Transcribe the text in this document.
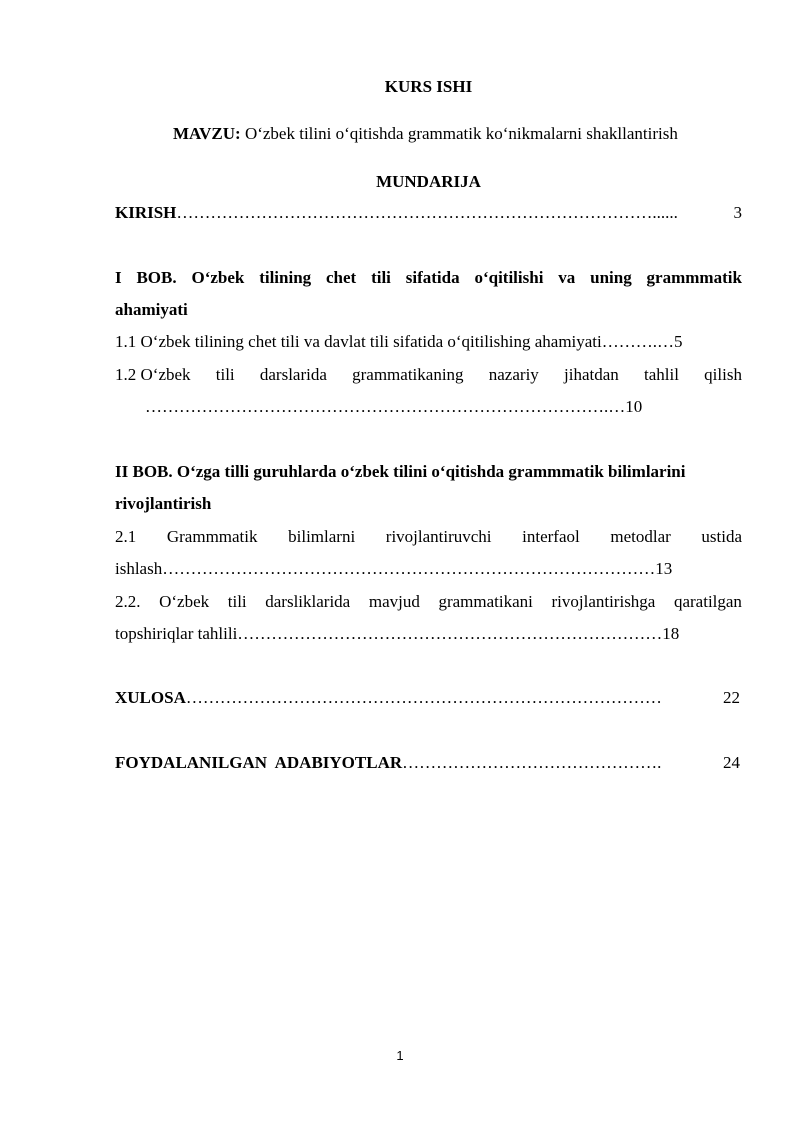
KURS ISHI
MAVZU: O‘zbek tilini o‘qitishda grammatik ko‘nikmalarni shakllantirish
MUNDARIJA
KIRISH …………………………………………………………………………......	3
I BOB. O‘zbek tilining chet tili sifatida o‘qitilishi va uning grammmatik
ahamiyati
1.1 O‘zbek tilining chet tili va davlat tili sifatida o‘qitilishing ahamiyati ……….… 5
1.2 O‘zbek tili darslarida grammatikaning nazariy jihatdan tahlil qilish
……………………………………………………………………….… 10
II BOB. O‘zga tilli guruhlarda o‘zbek tilini o‘qitishda grammmatik bilimlarini
rivojlantirish
2.1 Grammmatik bilimlarni rivojlantiruvchi interfaol metodlar ustida
ishlash …………………………………………………………………………… 13
2.2. O‘zbek tili darsliklarida mavjud grammatikani rivojlantirishga qaratilgan
topshiriqlar tahlili ………………………………………………………………… 18
XULOSA …………………………………………………………………………	22
FOYDALANILGAN  ADABIYOTLAR ……………………………………….	24
1
